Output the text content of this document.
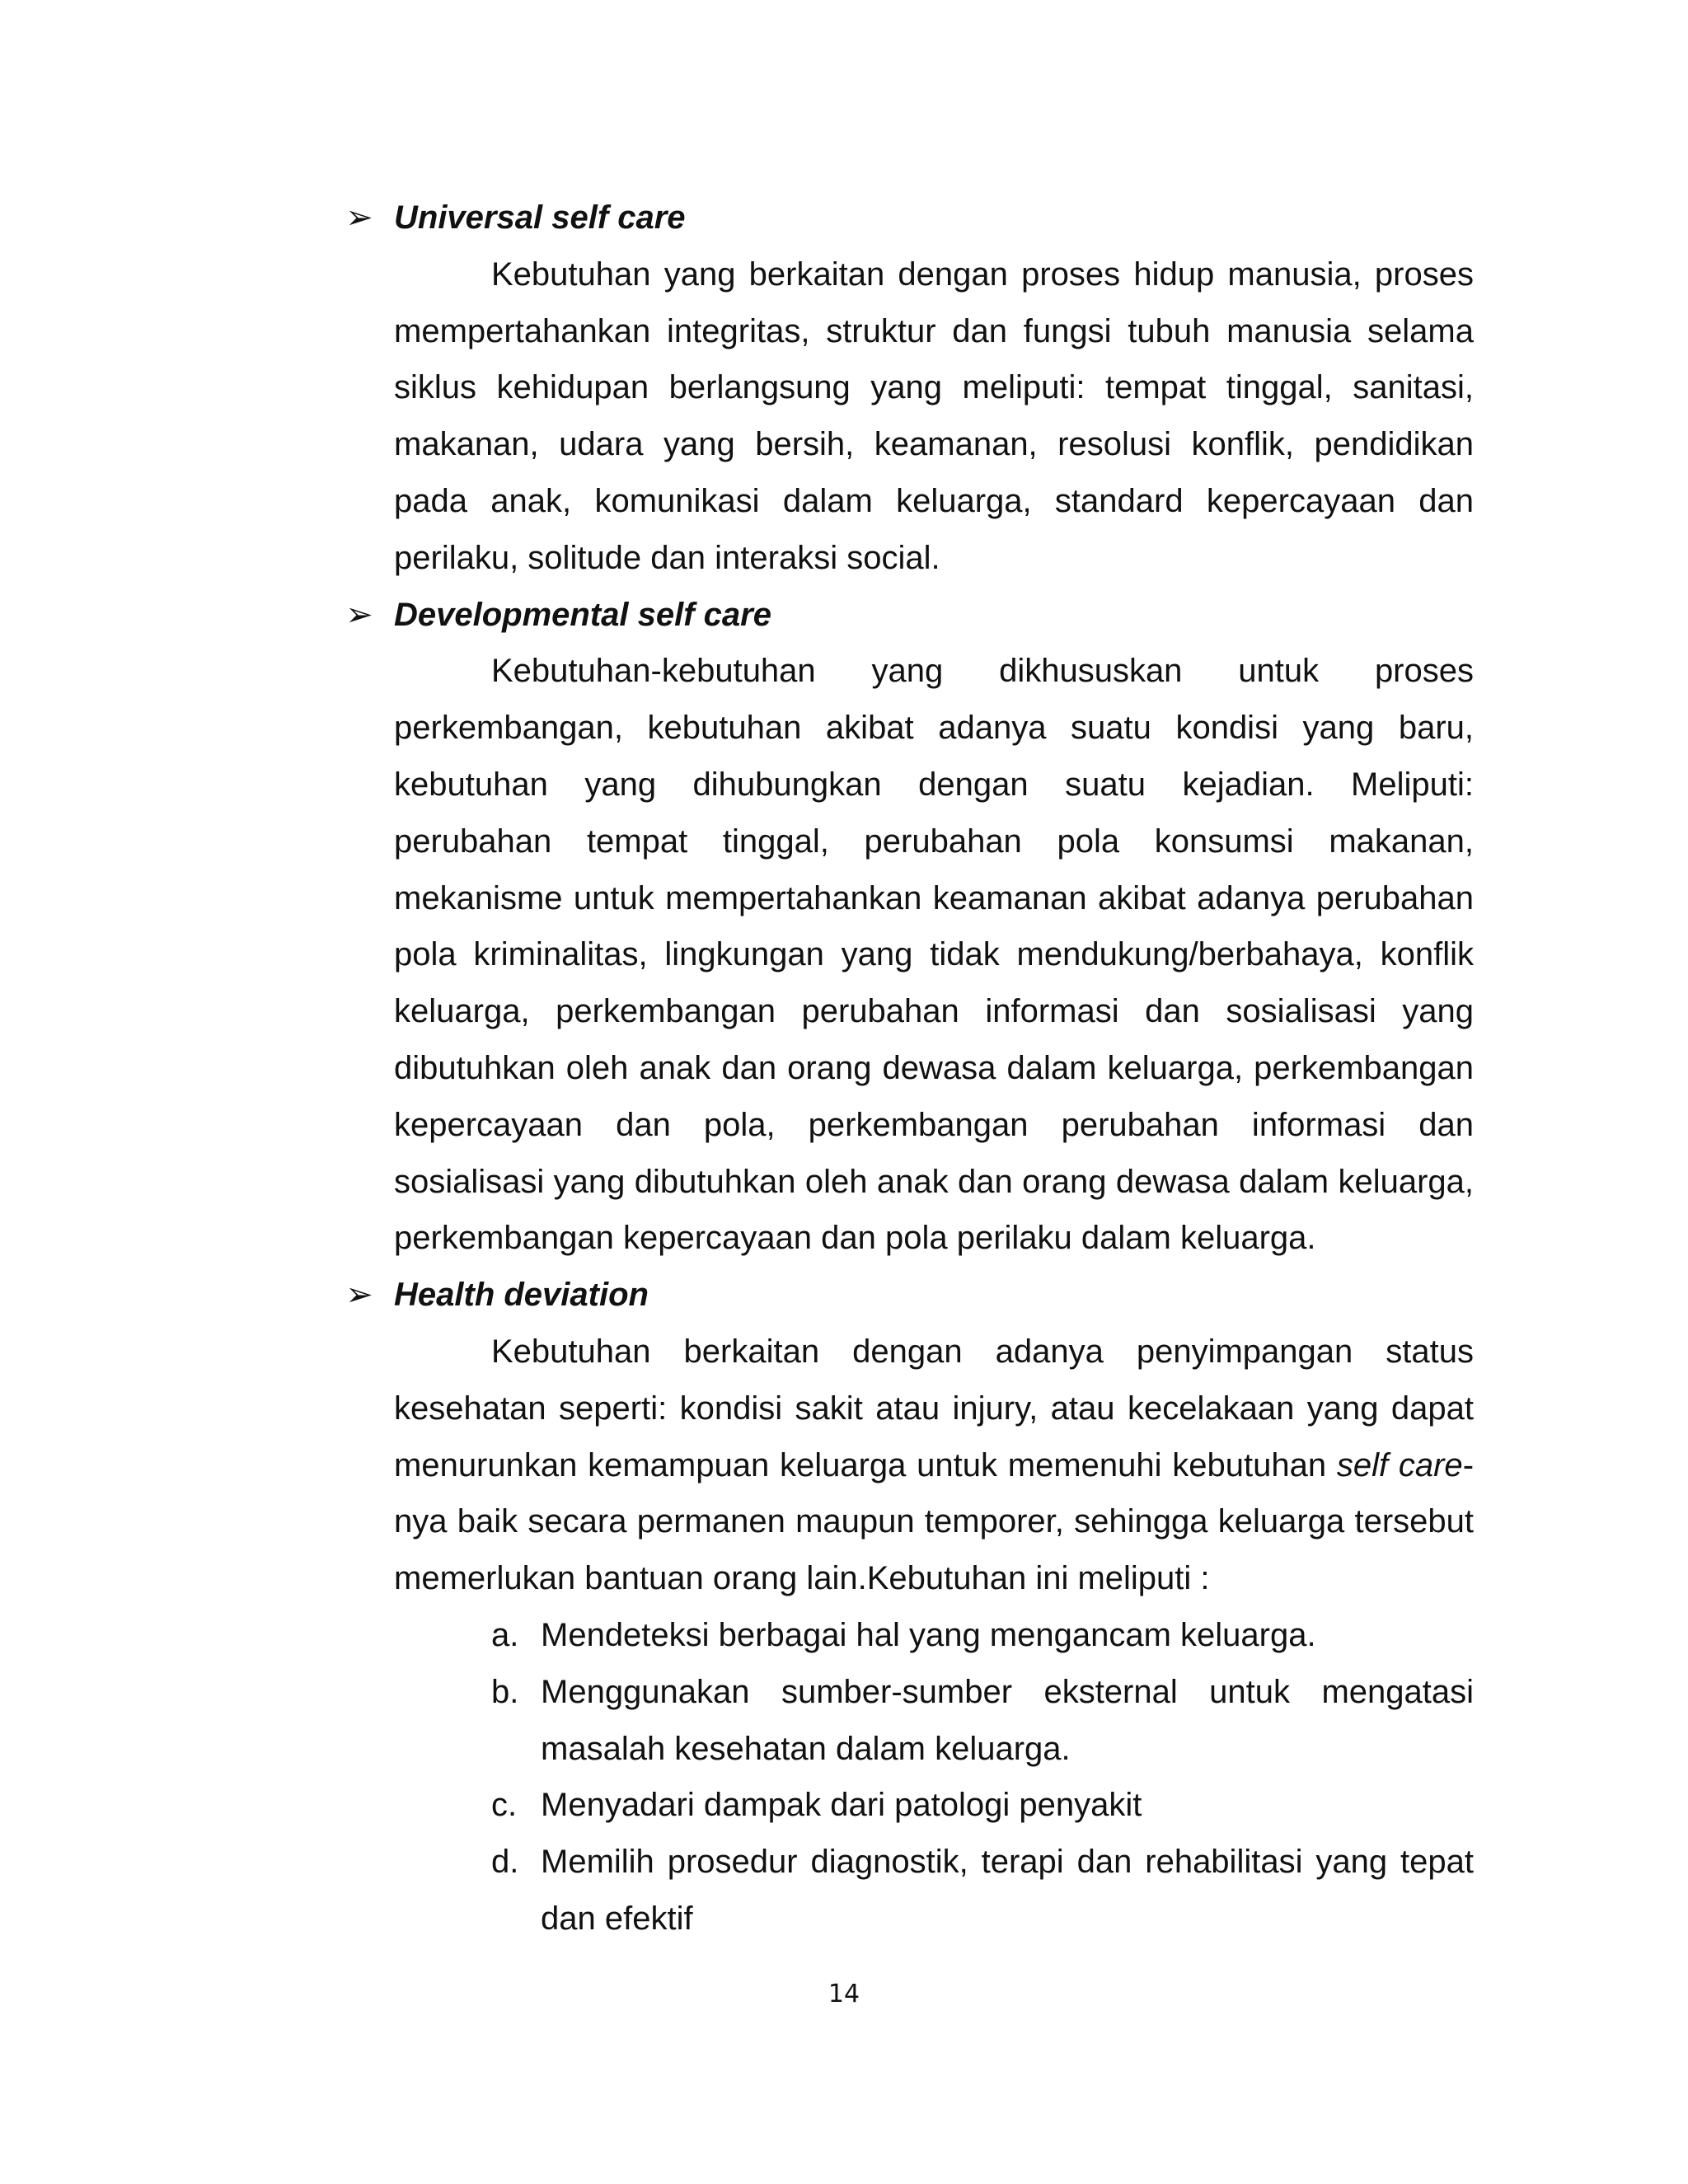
➢ Universal self care

Kebutuhan yang berkaitan dengan proses hidup manusia, proses mempertahankan integritas, struktur dan fungsi tubuh manusia selama siklus kehidupan berlangsung yang meliputi: tempat tinggal, sanitasi, makanan, udara yang bersih, keamanan, resolusi konflik, pendidikan pada anak, komunikasi dalam keluarga, standard kepercayaan dan perilaku, solitude dan interaksi social.

➢ Developmental self care

Kebutuhan-kebutuhan yang dikhususkan untuk proses perkembangan, kebutuhan akibat adanya suatu kondisi yang baru, kebutuhan yang dihubungkan dengan suatu kejadian. Meliputi: perubahan tempat tinggal, perubahan pola konsumsi makanan, mekanisme untuk mempertahankan keamanan akibat adanya perubahan pola kriminalitas, lingkungan yang tidak mendukung/berbahaya, konflik keluarga, perkembangan perubahan informasi dan sosialisasi yang dibutuhkan oleh anak dan orang dewasa dalam keluarga, perkembangan kepercayaan dan pola, perkembangan perubahan informasi dan sosialisasi yang dibutuhkan oleh anak dan orang dewasa dalam keluarga, perkembangan kepercayaan dan pola perilaku dalam keluarga.

➢ Health deviation

Kebutuhan berkaitan dengan adanya penyimpangan status kesehatan seperti: kondisi sakit atau injury, atau kecelakaan yang dapat menurunkan kemampuan keluarga untuk memenuhi kebutuhan self care-nya baik secara permanen maupun temporer, sehingga keluarga tersebut memerlukan bantuan orang lain.Kebutuhan ini meliputi :

a. Mendeteksi berbagai hal yang mengancam keluarga.
b. Menggunakan sumber-sumber eksternal untuk mengatasi masalah kesehatan dalam keluarga.
c. Menyadari dampak dari patologi penyakit
d. Memilih prosedur diagnostik, terapi dan rehabilitasi yang tepat dan efektif
14
